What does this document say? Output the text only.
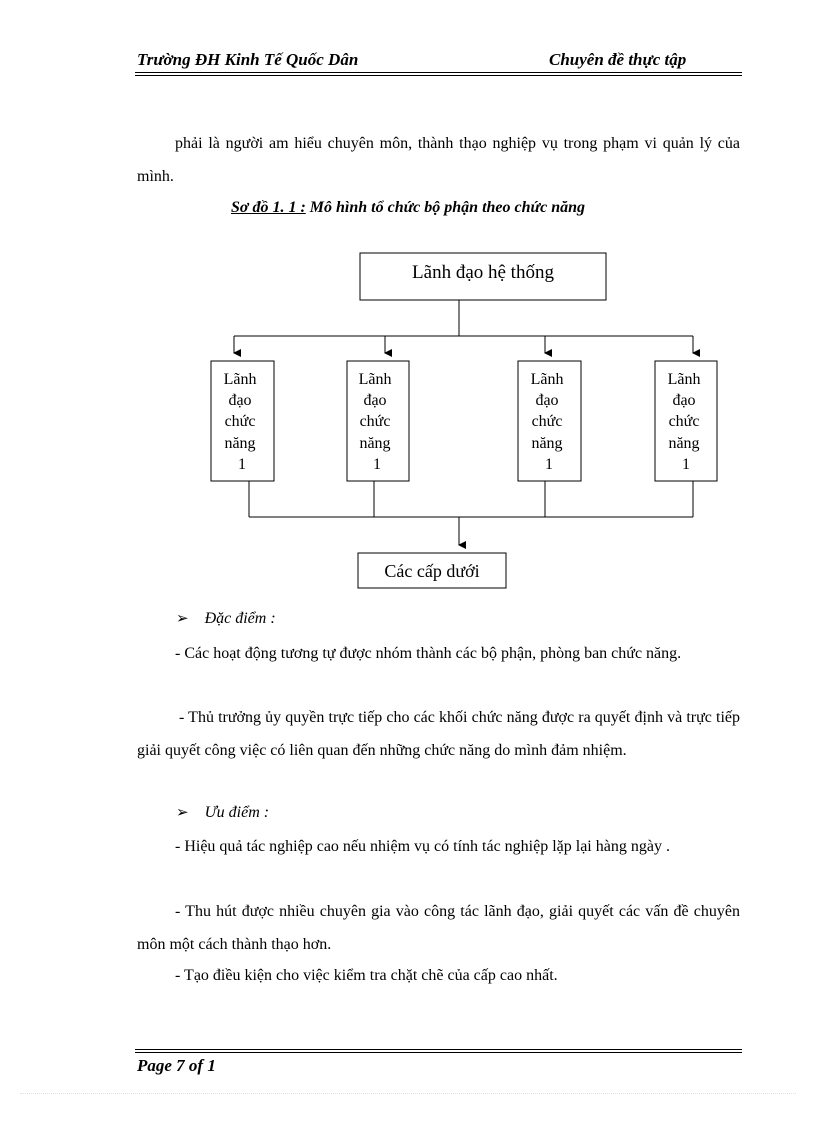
Trường ĐH Kinh Tế Quốc Dân	Chuyên đề thực tập

phải là người am hiểu chuyên môn, thành thạo nghiệp vụ trong phạm vi quản lý của mình.

Sơ đồ 1. 1 : Mô hình tổ chức bộ phận theo chức năng
Lãnh đạo hệ thống
Lãnh đạo chức năng 1
Lãnh đạo chức năng 1
Lãnh đạo chức năng 1
Lãnh đạo chức năng 1
Các cấp dưới
➢ Đặc điểm :

- Các hoạt động tương tự được nhóm thành các bộ phận, phòng ban chức năng.

- Thủ trưởng ủy quyền trực tiếp cho các khối chức năng được ra quyết định và trực tiếp giải quyết công việc có liên quan đến những chức năng do mình đảm nhiệm.

➢ Ưu điểm :

- Hiệu quả tác nghiệp cao nếu nhiệm vụ có tính tác nghiệp lặp lại hàng ngày .

- Thu hút được nhiều chuyên gia vào công tác lãnh đạo, giải quyết các vấn đề chuyên môn một cách thành thạo hơn.

- Tạo điều kiện cho việc kiểm tra chặt chẽ của cấp cao nhất.

Page 7 of 1
